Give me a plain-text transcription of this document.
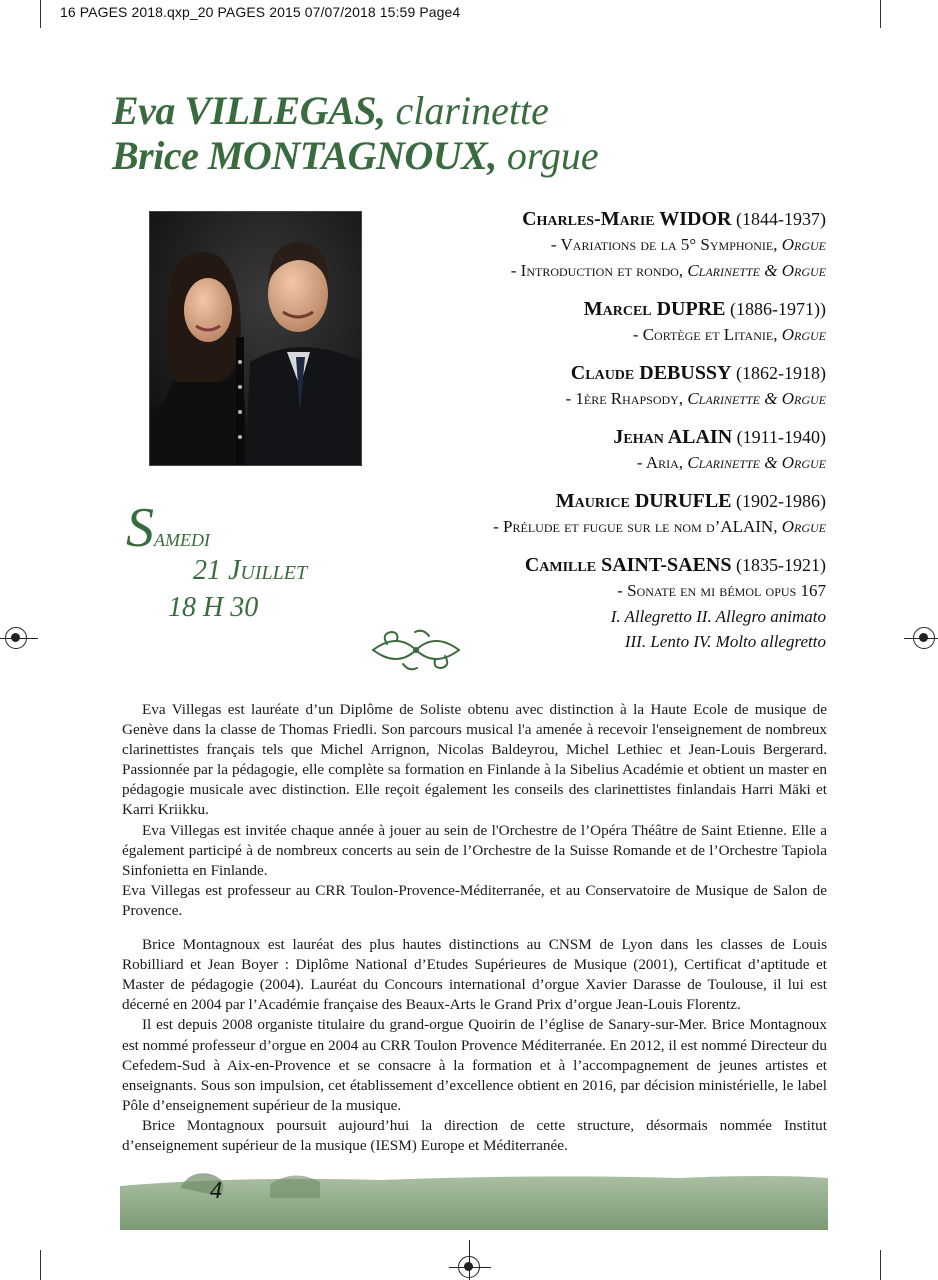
16 PAGES 2018.qxp_20 PAGES 2015 07/07/2018 15:59 Page4
Eva VILLEGAS, clarinette
Brice MONTAGNOUX, orgue
Charles-Marie WIDOR (1844-1937)
- Variations de la 5° Symphonie, Orgue
- Introduction et rondo, Clarinette & Orgue
Marcel DUPRE (1886-1971))
- Cortège et Litanie, Orgue
Claude DEBUSSY (1862-1918)
- 1ère Rhapsody, Clarinette & Orgue
Jehan ALAIN (1911-1940)
- Aria, Clarinette & Orgue
Maurice DURUFLE (1902-1986)
- Prélude et fugue sur le nom d’ALAIN, Orgue
Camille SAINT-SAENS (1835-1921)
- Sonate en mi bémol opus 167
I. Allegretto II. Allegro animato
III. Lento IV. Molto allegretto
Samedi
21 Juillet
18 H 30

Eva Villegas est lauréate d’un Diplôme de Soliste obtenu avec distinction à la Haute Ecole de musique de Genève dans la classe de Thomas Friedli. Son parcours musical l'a amenée à recevoir l'enseignement de nombreux clarinettistes français tels que Michel Arrignon, Nicolas Baldeyrou, Michel Lethiec et Jean-Louis Bergerard. Passionnée par la pédagogie, elle complète sa formation en Finlande à la Sibelius Académie et obtient un master en pédagogie musicale avec distinction. Elle reçoit également les conseils des clarinettistes finlandais Harri Mäki et Karri Kriikku.

Eva Villegas est invitée chaque année à jouer au sein de l'Orchestre de l’Opéra Théâtre de Saint Etienne. Elle a également participé à de nombreux concerts au sein de l’Orchestre de la Suisse Romande et de l’Orchestre Tapiola Sinfonietta en Finlande.

Eva Villegas est professeur au CRR Toulon-Provence-Méditerranée, et au Conservatoire de Musique de Salon de Provence.

Brice Montagnoux est lauréat des plus hautes distinctions au CNSM de Lyon dans les classes de Louis Robilliard et Jean Boyer : Diplôme National d’Etudes Supérieures de Musique (2001), Certificat d’aptitude et Master de pédagogie (2004). Lauréat du Concours international d’orgue Xavier Darasse de Toulouse, il lui est décerné en 2004 par l’Académie française des Beaux-Arts le Grand Prix d’orgue Jean-Louis Florentz.

Il est depuis 2008 organiste titulaire du grand-orgue Quoirin de l’église de Sanary-sur-Mer. Brice Montagnoux est nommé professeur d’orgue en 2004 au CRR Toulon Provence Méditerranée. En 2012, il est nommé Directeur du Cefedem-Sud à Aix-en-Provence et se consacre à la formation et à l’accompagnement de jeunes artistes et enseignants. Sous son impulsion, cet établissement d’excellence obtient en 2016, par décision ministérielle, le label Pôle d’enseignement supérieur de la musique.

Brice Montagnoux poursuit aujourd’hui la direction de cette structure, désormais nommée Institut d’enseignement supérieur de la musique (IESM) Europe et Méditerranée.

4
